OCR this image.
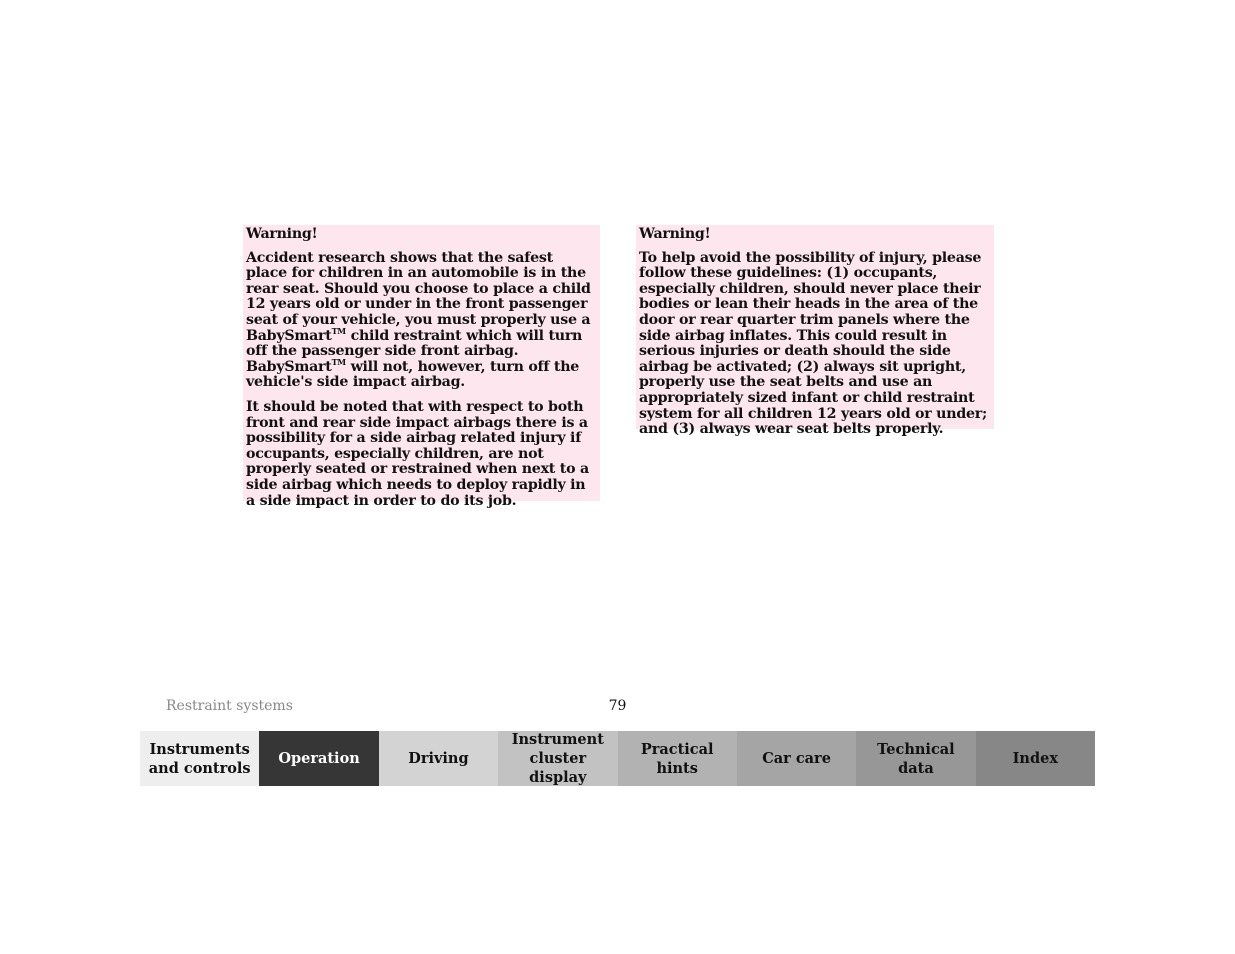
Warning!

Accident research shows that the safest place for children in an automobile is in the rear seat. Should you choose to place a child 12 years old or under in the front passenger seat of your vehicle, you must properly use a BabySmart™ child restraint which will turn off the passenger side front airbag. BabySmart™ will not, however, turn off the vehicle's side impact airbag.

It should be noted that with respect to both front and rear side impact airbags there is a possibility for a side airbag related injury if occupants, especially children, are not properly seated or restrained when next to a side airbag which needs to deploy rapidly in a side impact in order to do its job.

Warning!

To help avoid the possibility of injury, please follow these guidelines: (1) occupants, especially children, should never place their bodies or lean their heads in the area of the door or rear quarter trim panels where the side airbag inflates. This could result in serious injuries or death should the side airbag be activated; (2) always sit upright, properly use the seat belts and use an appropriately sized infant or child restraint system for all children 12 years old or under; and (3) always wear seat belts properly.

Restraint systems	79
Instruments
and controls
Operation	Driving
Instrument
cluster display
Practical hints
Car care
Technical
data
Index
